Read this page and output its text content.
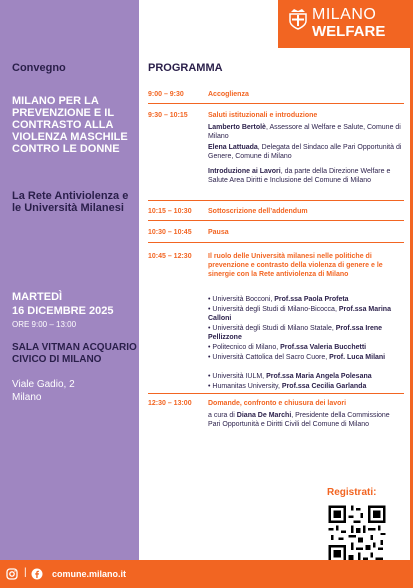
MILANO
WELFARE
Convegno
MILANO PER LA PREVENZIONE E IL CONTRASTO ALLA VIOLENZA MASCHILE CONTRO LE DONNE
La Rete Antiviolenza e le Università Milanesi
MARTEDÌ
16 DICEMBRE 2025
ORE 9:00 – 13:00
SALA VITMAN ACQUARIO CIVICO DI MILANO
Viale Gadio, 2
Milano
PROGRAMMA
9:00 – 9:30	Accoglienza
9:30 – 10:15	Saluti istituzionali e introduzione
Lamberto Bertolè, Assessore al Welfare e Salute, Comune di Milano
Elena Lattuada, Delegata del Sindaco alle Pari Opportunità di Genere, Comune di Milano
Introduzione ai Lavori, da parte della Direzione Welfare e Salute Area Diritti e Inclusione del Comune di Milano
10:15 – 10:30 Sottoscrizione dell’addendum
10:30 – 10:45 Pausa
10:45 – 12:30 Il ruolo delle Università milanesi nelle politiche di prevenzione e contrasto della violenza di genere e le sinergie con la Rete antiviolenza di Milano
• Università Bocconi, Prof.ssa Paola Profeta
• Università degli Studi di Milano-Bicocca, Prof.ssa Marina Calloni
• Università degli Studi di Milano Statale, Prof.ssa Irene Pellizzone
• Politecnico di Milano, Prof.ssa Valeria Bucchetti
• Università Cattolica del Sacro Cuore, Prof. Luca Milani
• Università IULM, Prof.ssa Maria Angela Polesana
• Humanitas University, Prof.ssa Cecilia Garlanda
12:30 – 13:00 Domande, confronto e chiusura dei lavori
a cura di Diana De Marchi, Presidente della Commissione Pari Opportunità e Diritti Civili del Comune di Milano
Registrati:
|	comune.milano.it
